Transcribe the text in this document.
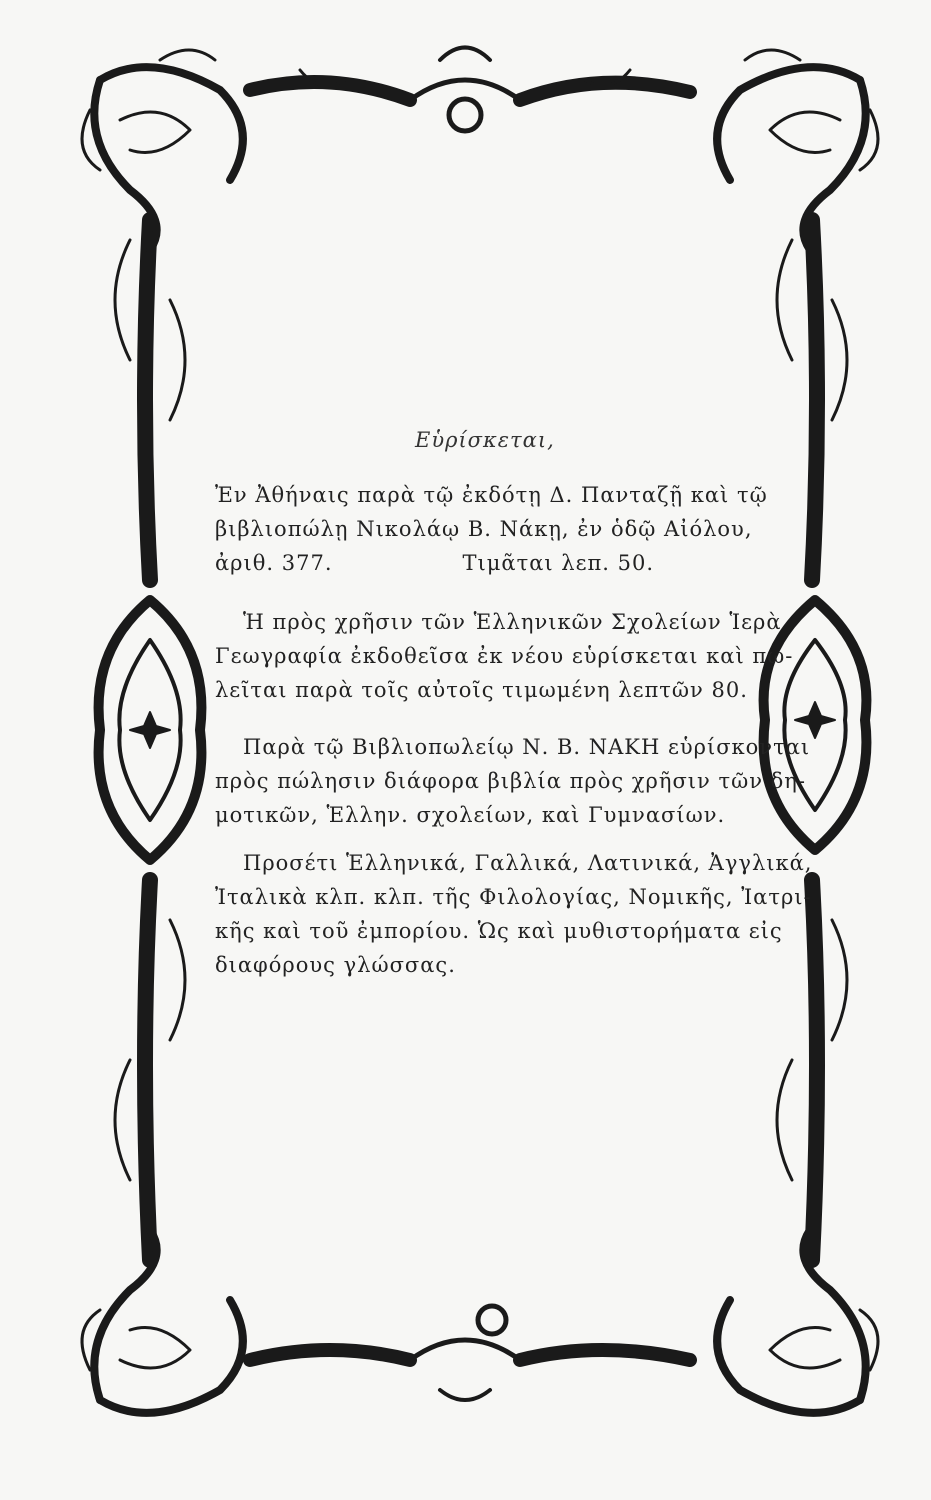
Εὑρίσκεται,

Ἐν Ἀθήναις παρὰ τῷ ἐκδότῃ Δ. Πανταζῇ καὶ τῷ
βιβλιοπώλῃ Νικολάῳ Β. Νάκῃ, ἐν ὁδῷ Αἰόλου,
ἀριθ. 377.	Τιμᾶται λεπ. 50.

Ἡ πρὸς χρῆσιν τῶν Ἑλληνικῶν Σχολείων Ἱερὰ
Γεωγραφία ἐκδοθεῖσα ἐκ νέου εὑρίσκεται καὶ πω-
λεῖται παρὰ τοῖς αὐτοῖς τιμωμένη λεπτῶν 80.

Παρὰ τῷ Βιβλιοπωλείῳ Ν. Β. ΝΑΚΗ εὑρίσκονται
πρὸς πώλησιν διάφορα βιβλία πρὸς χρῆσιν τῶν δη-
μοτικῶν, Ἑλλην. σχολείων, καὶ Γυμνασίων.

Προσέτι Ἑλληνικά, Γαλλικά, Λατινικά, Ἀγγλικά,
Ἰταλικὰ κλπ. κλπ. τῆς Φιλολογίας, Νομικῆς, Ἰατρι-
κῆς καὶ τοῦ ἐμπορίου. Ὡς καὶ μυθιστορήματα εἰς
διαφόρους γλώσσας.
